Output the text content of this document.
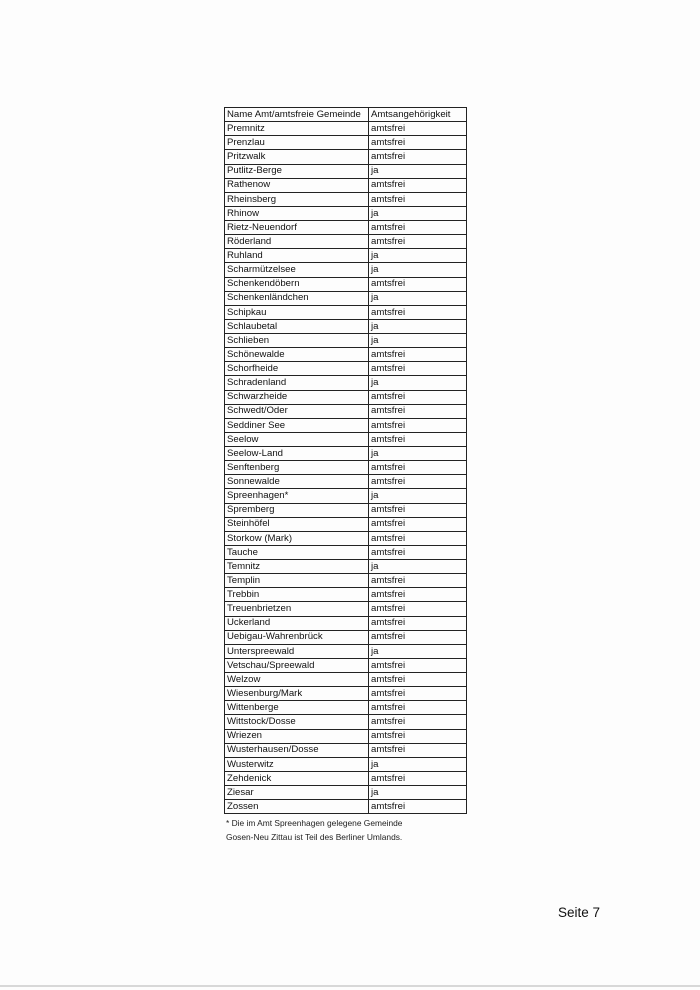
Name Amt/amtsfreie Gemeinde	Amtsangehörigkeit
Premnitz	amtsfrei
Prenzlau	amtsfrei
Pritzwalk	amtsfrei
Putlitz-Berge	ja
Rathenow	amtsfrei
Rheinsberg	amtsfrei
Rhinow	ja
Rietz-Neuendorf	amtsfrei
Röderland	amtsfrei
Ruhland	ja
Scharmützelsee	ja
Schenkendöbern	amtsfrei
Schenkenländchen	ja
Schipkau	amtsfrei
Schlaubetal	ja
Schlieben	ja
Schönewalde	amtsfrei
Schorfheide	amtsfrei
Schradenland	ja
Schwarzheide	amtsfrei
Schwedt/Oder	amtsfrei
Seddiner See	amtsfrei
Seelow	amtsfrei
Seelow-Land	ja
Senftenberg	amtsfrei
Sonnewalde	amtsfrei
Spreenhagen*	ja
Spremberg	amtsfrei
Steinhöfel	amtsfrei
Storkow (Mark)	amtsfrei
Tauche	amtsfrei
Temnitz	ja
Templin	amtsfrei
Trebbin	amtsfrei
Treuenbrietzen	amtsfrei
Uckerland	amtsfrei
Uebigau-Wahrenbrück	amtsfrei
Unterspreewald	ja
Vetschau/Spreewald	amtsfrei
Welzow	amtsfrei
Wiesenburg/Mark	amtsfrei
Wittenberge	amtsfrei
Wittstock/Dosse	amtsfrei
Wriezen	amtsfrei
Wusterhausen/Dosse	amtsfrei
Wusterwitz	ja
Zehdenick	amtsfrei
Ziesar	ja
Zossen	amtsfrei
* Die im Amt Spreenhagen gelegene Gemeinde
Gosen-Neu Zittau ist Teil des Berliner Umlands.
Seite 7
